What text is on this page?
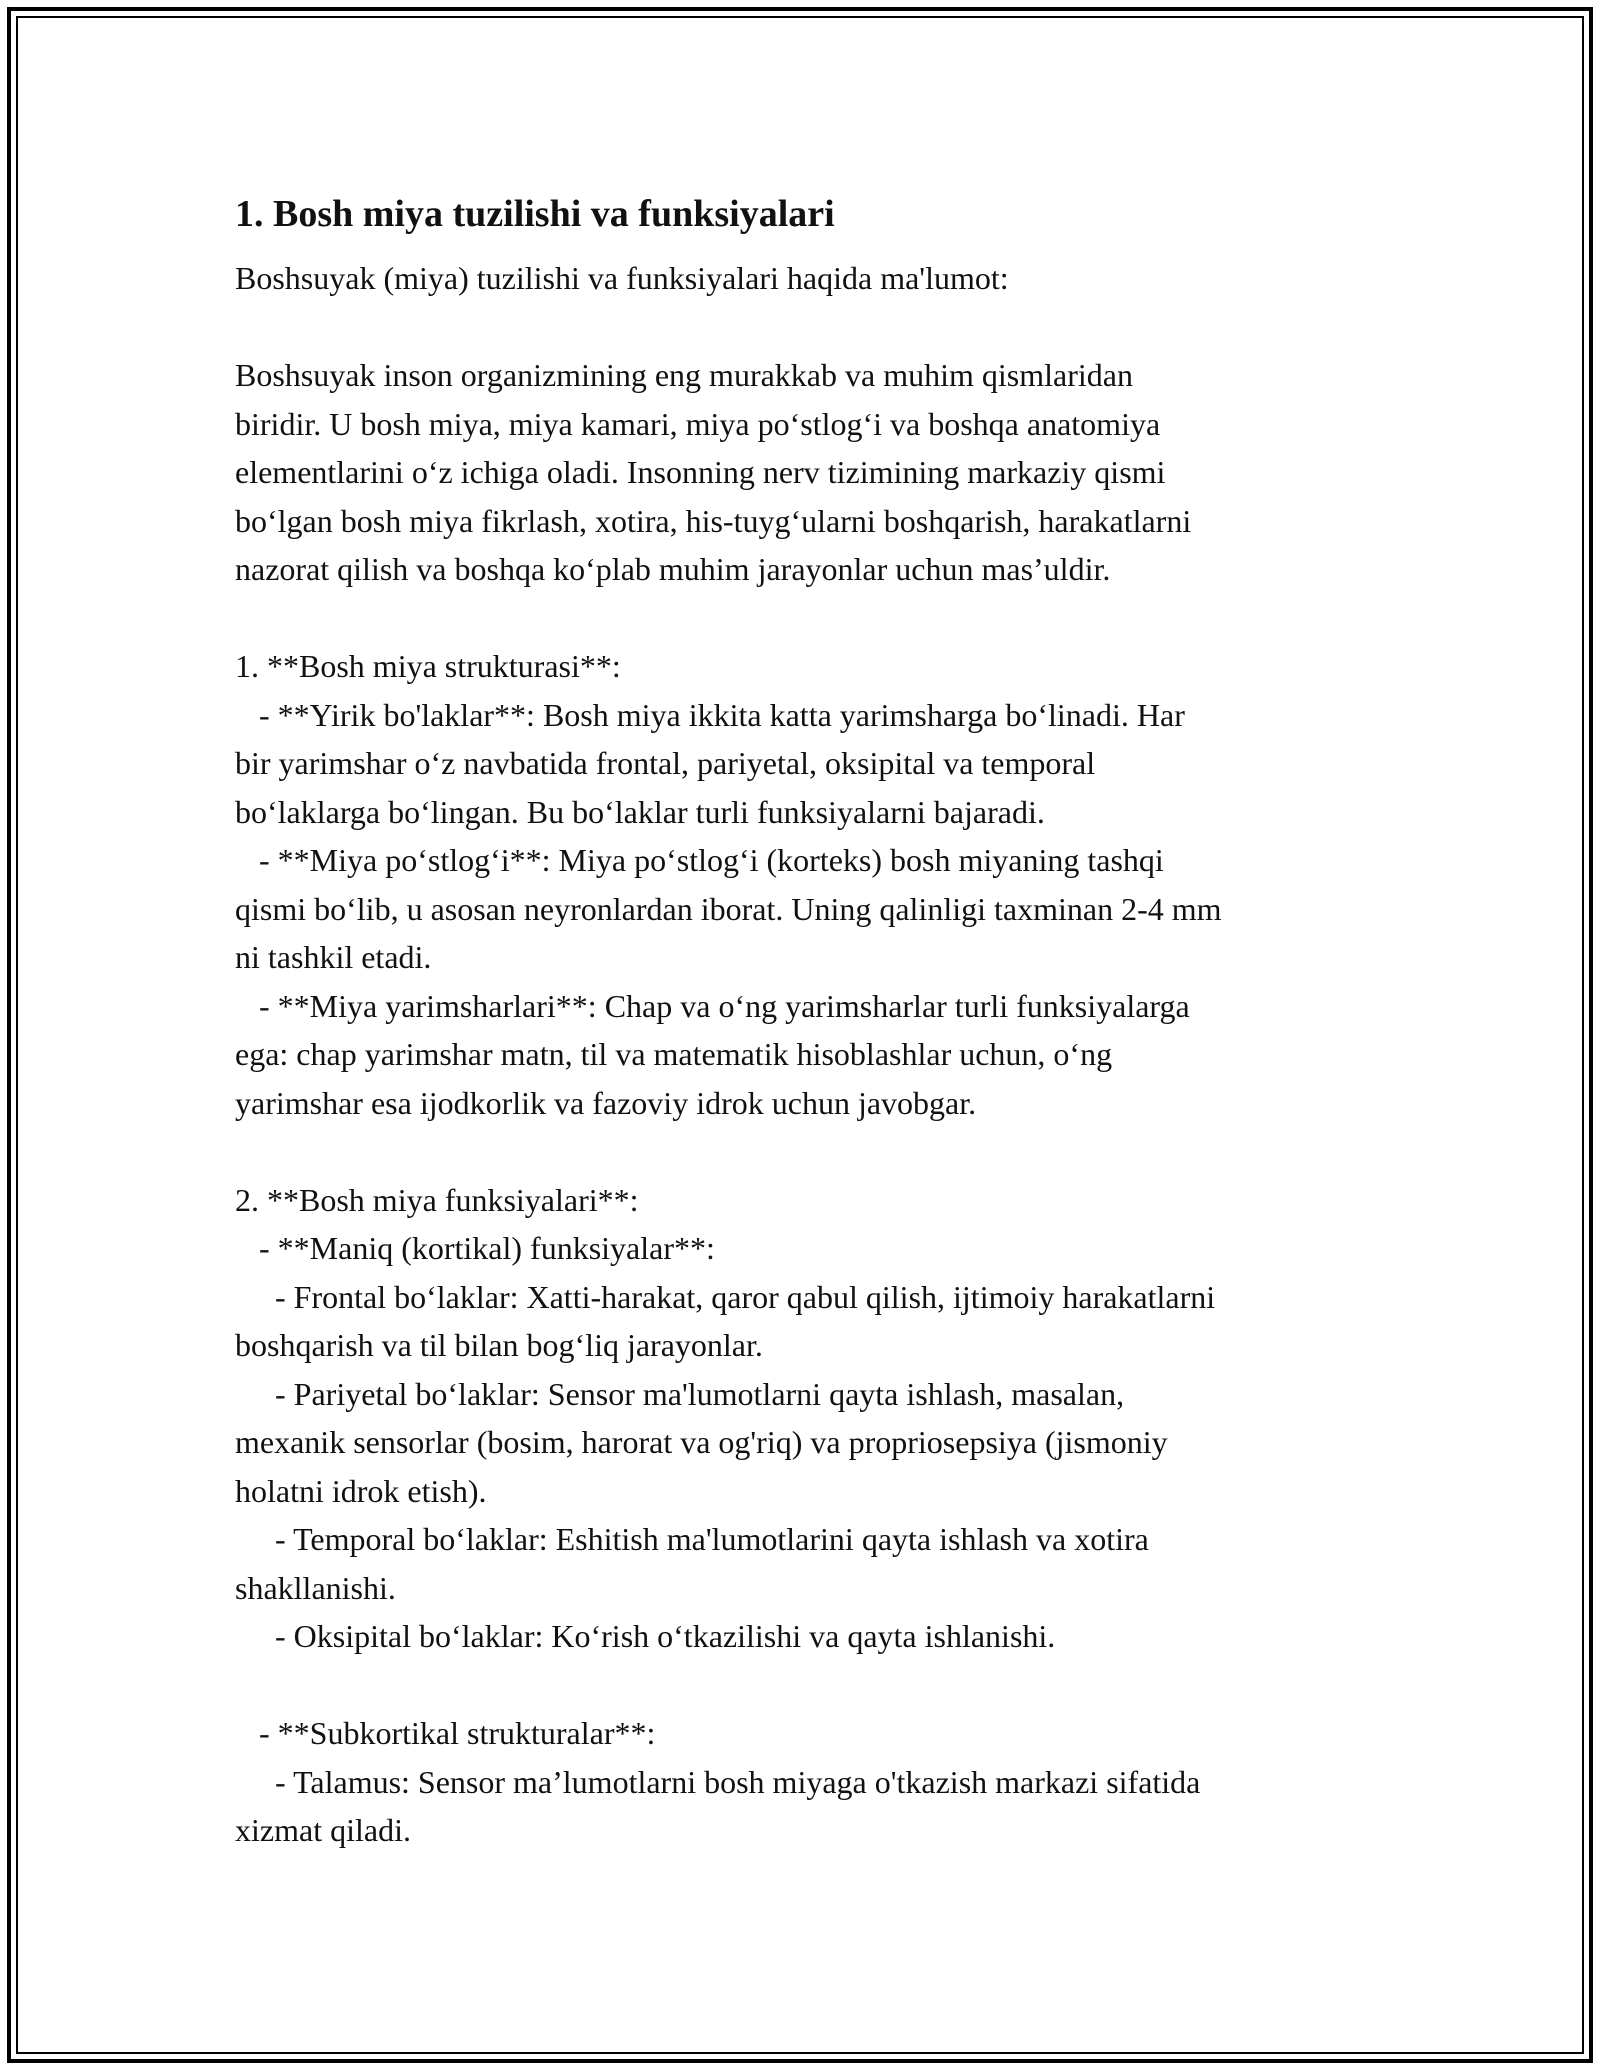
1. Bosh miya tuzilishi va funksiyalari

Boshsuyak (miya) tuzilishi va funksiyalari haqida ma'lumot:

Boshsuyak inson organizmining eng murakkab va muhim qismlaridan
biridir. U bosh miya, miya kamari, miya po‘stlog‘i va boshqa anatomiya
elementlarini o‘z ichiga oladi. Insonning nerv tizimining markaziy qismi
bo‘lgan bosh miya fikrlash, xotira, his-tuyg‘ularni boshqarish, harakatlarni
nazorat qilish va boshqa ko‘plab muhim jarayonlar uchun mas’uldir.

1. **Bosh miya strukturasi**:
- **Yirik bo'laklar**: Bosh miya ikkita katta yarimsharga bo‘linadi. Har
bir yarimshar o‘z navbatida frontal, pariyetal, oksipital va temporal
bo‘laklarga bo‘lingan. Bu bo‘laklar turli funksiyalarni bajaradi.
- **Miya po‘stlog‘i**: Miya po‘stlog‘i (korteks) bosh miyaning tashqi
qismi bo‘lib, u asosan neyronlardan iborat. Uning qalinligi taxminan 2-4 mm
ni tashkil etadi.
- **Miya yarimsharlari**: Chap va o‘ng yarimsharlar turli funksiyalarga
ega: chap yarimshar matn, til va matematik hisoblashlar uchun, o‘ng
yarimshar esa ijodkorlik va fazoviy idrok uchun javobgar.

2. **Bosh miya funksiyalari**:
- **Maniq (kortikal) funksiyalar**:
- Frontal bo‘laklar: Xatti-harakat, qaror qabul qilish, ijtimoiy harakatlarni
boshqarish va til bilan bog‘liq jarayonlar.
- Pariyetal bo‘laklar: Sensor ma'lumotlarni qayta ishlash, masalan,
mexanik sensorlar (bosim, harorat va og'riq) va propriosepsiya (jismoniy
holatni idrok etish).
- Temporal bo‘laklar: Eshitish ma'lumotlarini qayta ishlash va xotira
shakllanishi.
- Oksipital bo‘laklar: Ko‘rish o‘tkazilishi va qayta ishlanishi.

- **Subkortikal strukturalar**:
- Talamus: Sensor ma’lumotlarni bosh miyaga o'tkazish markazi sifatida
xizmat qiladi.
